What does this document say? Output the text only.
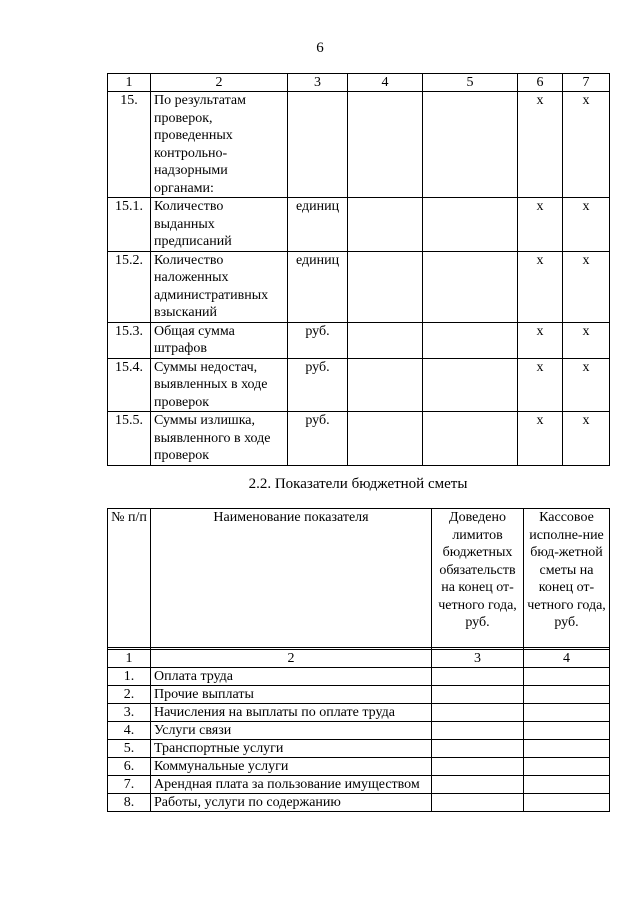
6
1	2	3	4	5	6	7
15.	По результатам проверок, проведенных контрольно-надзорными органами:				x	x
15.1.	Количество выданных предписаний	единиц			x	x
15.2.	Количество наложенных административных взысканий	единиц			x	x
15.3.	Общая сумма штрафов	руб.			x	x
15.4.	Суммы недостач, выявленных в ходе проверок	руб.			x	x
15.5.	Суммы излишка, выявленного в ходе проверок	руб.			x	x
2.2. Показатели бюджетной сметы
№ п/п	Наименование показателя	Доведено лимитов бюджетных обязательств на конец от-четного года, руб.	Кассовое исполне-ние бюд-жетной сметы на конец от-четного года, руб.

1	2	3	4
1.	Оплата труда		
2.	Прочие выплаты		
3.	Начисления на выплаты по оплате труда		
4.	Услуги связи		
5.	Транспортные услуги		
6.	Коммунальные услуги		
7.	Арендная плата за пользование имуществом		
8.	Работы, услуги по содержанию		
